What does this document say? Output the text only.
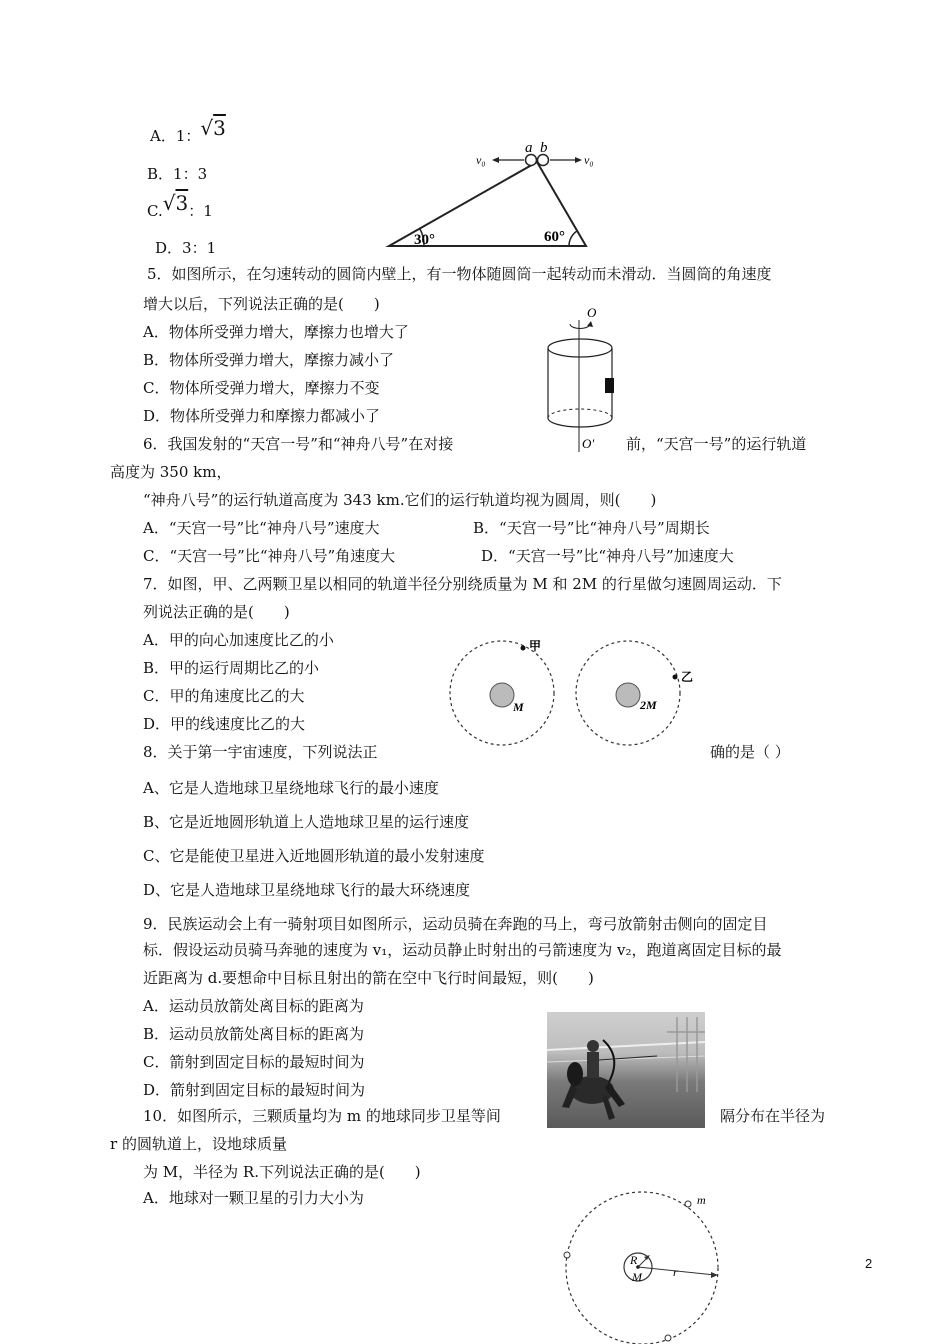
A．1：√3
B．1：3
C.√3：1
D．3：1
v₀	v₀
a b
30°	60°
5．如图所示，在匀速转动的圆筒内壁上，有一物体随圆筒一起转动而未滑动．当圆筒的角速度
增大以后，下列说法正确的是(　　)
A．物体所受弹力增大，摩擦力也增大了
B．物体所受弹力增大，摩擦力减小了
C．物体所受弹力增大，摩擦力不变
D．物体所受弹力和摩擦力都减小了
O
O′
6．我国发射的“天宫一号”和“神舟八号”在对接	前，“天宫一号”的运行轨道
高度为 350 km，
“神舟八号”的运行轨道高度为 343 km.它们的运行轨道均视为圆周，则(　　)
A．“天宫一号”比“神舟八号”速度大	B．“天宫一号”比“神舟八号”周期长
C．“天宫一号”比“神舟八号”角速度大	D．“天宫一号”比“神舟八号”加速度大
7．如图，甲、乙两颗卫星以相同的轨道半径分别绕质量为 M 和 2M 的行星做匀速圆周运动．下
列说法正确的是(　　)
A．甲的向心加速度比乙的小
B．甲的运行周期比乙的小
C．甲的角速度比乙的大
D．甲的线速度比乙的大
M
甲
2M
乙
8．关于第一宇宙速度，下列说法正	确的是（ ）
A、它是人造地球卫星绕地球飞行的最小速度
B、它是近地圆形轨道上人造地球卫星的运行速度
C、它是能使卫星进入近地圆形轨道的最小发射速度
D、它是人造地球卫星绕地球飞行的最大环绕速度
9．民族运动会上有一骑射项目如图所示，运动员骑在奔跑的马上，弯弓放箭射击侧向的固定目
标．假设运动员骑马奔驰的速度为 v₁，运动员静止时射出的弓箭速度为 v₂，跑道离固定目标的最
近距离为 d.要想命中目标且射出的箭在空中飞行时间最短，则(　　)
A．运动员放箭处离目标的距离为
B．运动员放箭处离目标的距离为
C．箭射到固定目标的最短时间为
D．箭射到固定目标的最短时间为
10．如图所示，三颗质量均为 m 的地球同步卫星等间	隔分布在半径为
r 的圆轨道上，设地球质量
为 M，半径为 R.下列说法正确的是(　　)
A．地球对一颗卫星的引力大小为
R
M	r
m
2
